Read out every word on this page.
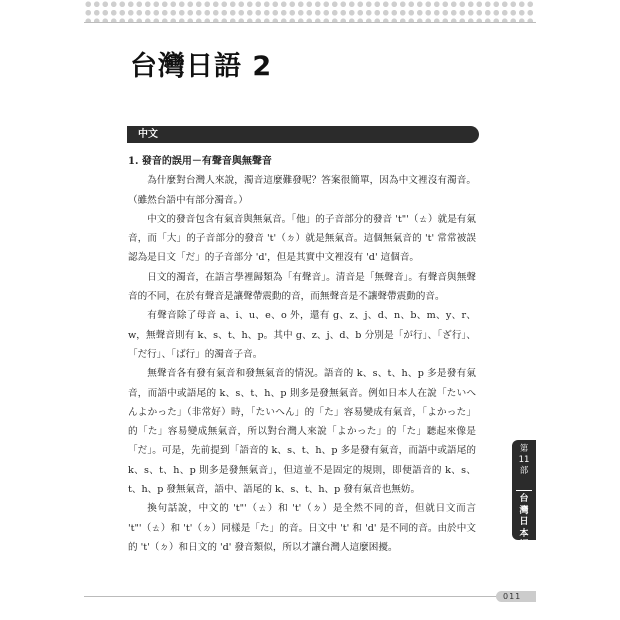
台灣日語 2
中文
1. 發音的誤用－有聲音與無聲音

為什麼對台灣人來說，濁音這麼難發呢？答案很簡單，因為中文裡沒有濁音。（雖然台語中有部分濁音。）

中文的發音包含有氣音與無氣音。「他」的子音部分的發音 't"'（ㄊ）就是有氣音，而「大」的子音部分的發音 't'（ㄉ）就是無氣音。這個無氣音的 't' 常常被誤認為是日文「だ」的子音部分 'd'，但是其實中文裡沒有 'd' 這個音。

日文的濁音，在語言學裡歸類為「有聲音」。清音是「無聲音」。有聲音與無聲音的不同，在於有聲音是讓聲帶震動的音，而無聲音是不讓聲帶震動的音。

有聲音除了母音 a、i、u、e、o 外，還有 g、z、j、d、n、b、m、y、r、w，無聲音則有 k、s、t、h、p。其中 g、z、j、d、b 分別是「が行」、「ざ行」、「だ行」、「ば行」的濁音子音。

無聲音各有發有氣音和發無氣音的情況。語音的 k、s、t、h、p 多是發有氣音，而語中或語尾的 k、s、t、h、p 則多是發無氣音。例如日本人在說「たいへんよかった」（非常好）時，「たいへん」的「た」容易變成有氣音，「よかった」的「た」容易變成無氣音，所以對台灣人來說「よかった」的「た」聽起來像是「だ」。可是，先前提到「語音的 k、s、t、h、p 多是發有氣音，而語中或語尾的 k、s、t、h、p 則多是發無氣音」，但這並不是固定的規則，即便語音的 k、s、t、h、p 發無氣音，語中、語尾的 k、s、t、h、p 發有氣音也無妨。

換句話說，中文的 't"'（ㄊ）和 't'（ㄉ）是全然不同的音，但就日文而言 't"'（ㄊ）和 't'（ㄉ）同樣是「た」的音。日文中 't' 和 'd' 是不同的音。由於中文的 't'（ㄉ）和日文的 'd' 發音類似，所以才讓台灣人這麼困擾。

第
11
部
台
灣
日
本
語
011
